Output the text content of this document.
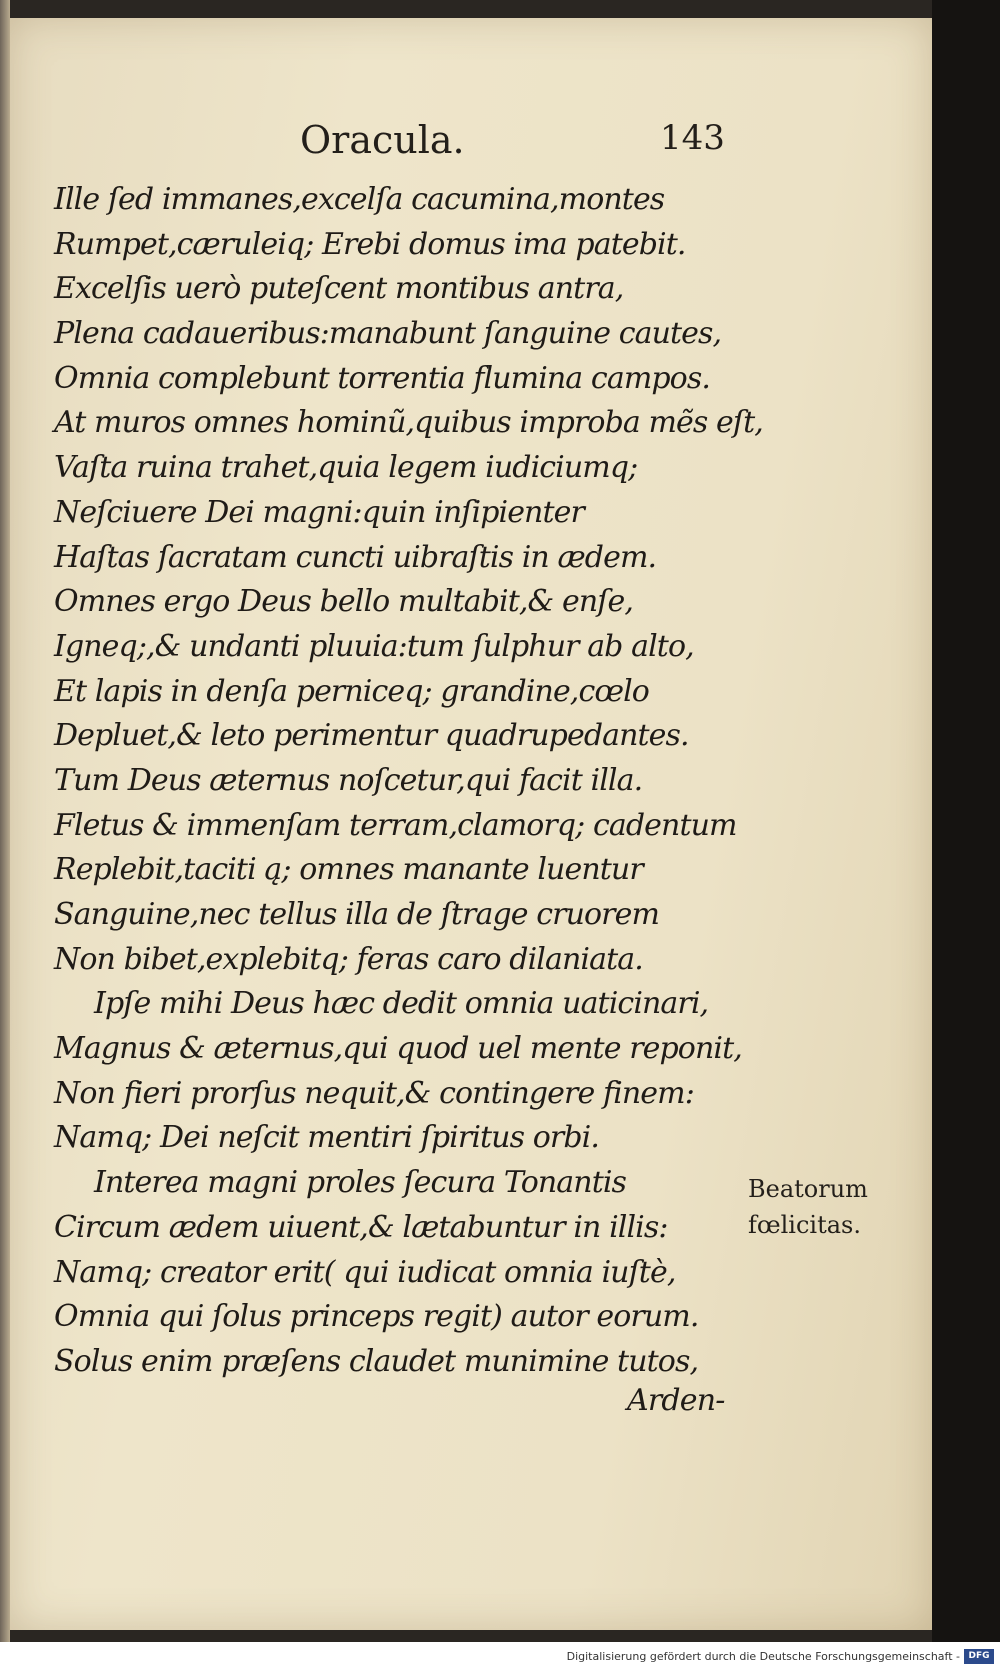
Oracula.	143
Ille ſed immanes,excelſa cacumina,montes
Rumpet,cæruleiq; Erebi domus ima patebit.
Excelſis uerò puteſcent montibus antra,
Plena cadaueribus:manabunt ſanguine cautes,
Omnia complebunt torrentia flumina campos.
At muros omnes hominũ,quibus improba mẽs eſt,
Vaſta ruina trahet,quia legem iudiciumq;
Neſciuere Dei magni:quin inſipienter
Haſtas ſacratam cuncti uibraſtis in ædem.
Omnes ergo Deus bello multabit,& enſe,
Igneq;,& undanti pluuia:tum ſulphur ab alto,
Et lapis in denſa perniceq; grandine,cœlo
Depluet,& leto perimentur quadrupedantes.
Tum Deus æternus noſcetur,qui facit illa.
Fletus & immenſam terram,clamorq; cadentum
Replebit,taciti ą; omnes manante luentur
Sanguine,nec tellus illa de ſtrage cruorem
Non bibet,explebitq; feras caro dilaniata.
Ipſe mihi Deus hæc dedit omnia uaticinari,
Magnus & æternus,qui quod uel mente reponit,
Non fieri prorſus nequit,& contingere finem:
Namq; Dei neſcit mentiri ſpiritus orbi.
Interea magni proles ſecura Tonantis
Circum ædem uiuent,& lætabuntur in illis:
Namq; creator erit( qui iudicat omnia iuſtè,
Omnia qui ſolus princeps regit) autor eorum.
Solus enim præſens claudet munimine tutos,
Beatorum
fœlicitas.
Arden-
Digitalisierung gefördert durch die Deutsche Forschungsgemeinschaft - DFG
